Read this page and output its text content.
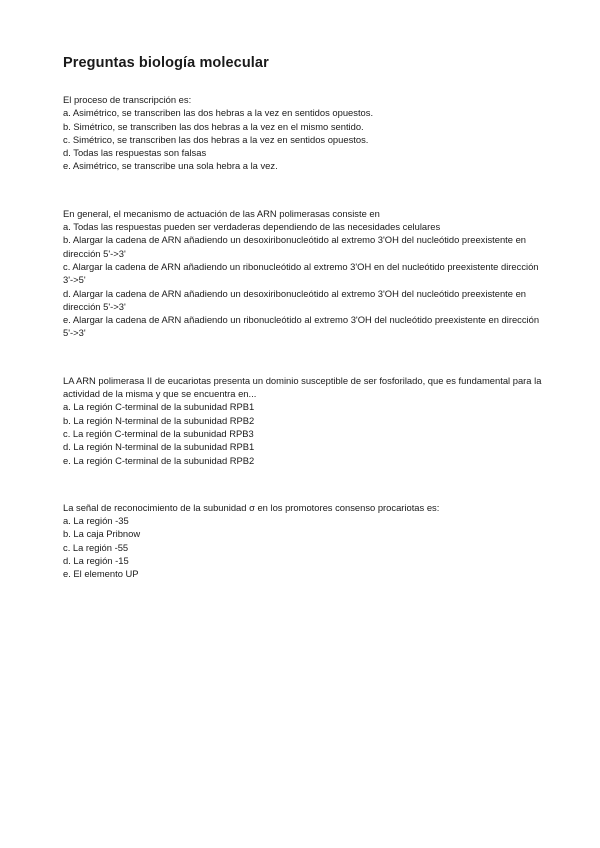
Preguntas biología molecular

El proceso de transcripción es:

a. Asimétrico, se transcriben las dos hebras a la vez en sentidos opuestos.
b. Simétrico, se transcriben las dos hebras a la vez en el mismo sentido.
c. Simétrico, se transcriben las dos hebras a la vez en sentidos opuestos.
d. Todas las respuestas son falsas
e. Asimétrico, se transcribe una sola hebra a la vez.

En general, el mecanismo de actuación de las ARN polimerasas consiste en

a. Todas las respuestas pueden ser verdaderas dependiendo de las necesidades celulares
b. Alargar la cadena de ARN añadiendo un desoxiribonucleótido al extremo 3'OH del nucleótido preexistente en dirección 5'->3'
c. Alargar la cadena de ARN añadiendo un ribonucleótido al extremo 3'OH en del nucleótido preexistente dirección 3'->5'
d. Alargar la cadena de ARN añadiendo un desoxiribonucleótido al extremo 3'OH del nucleótido preexistente en dirección 5'->3'
e. Alargar la cadena de ARN añadiendo un ribonucleótido al extremo 3'OH del nucleótido preexistente en dirección 5'->3'

LA ARN polimerasa II de eucariotas presenta un dominio susceptible de ser fosforilado, que es fundamental para la actividad de la misma y que se encuentra en...

a. La región C-terminal de la subunidad RPB1
b. La región N-terminal de la subunidad RPB2
c. La región C-terminal de la subunidad RPB3
d. La región N-terminal de la subunidad RPB1
e. La región C-terminal de la subunidad RPB2

La señal de reconocimiento de la subunidad σ en los promotores consenso procariotas es:

a. La región -35
b. La caja Pribnow
c. La región -55
d. La región -15
e. El elemento UP
